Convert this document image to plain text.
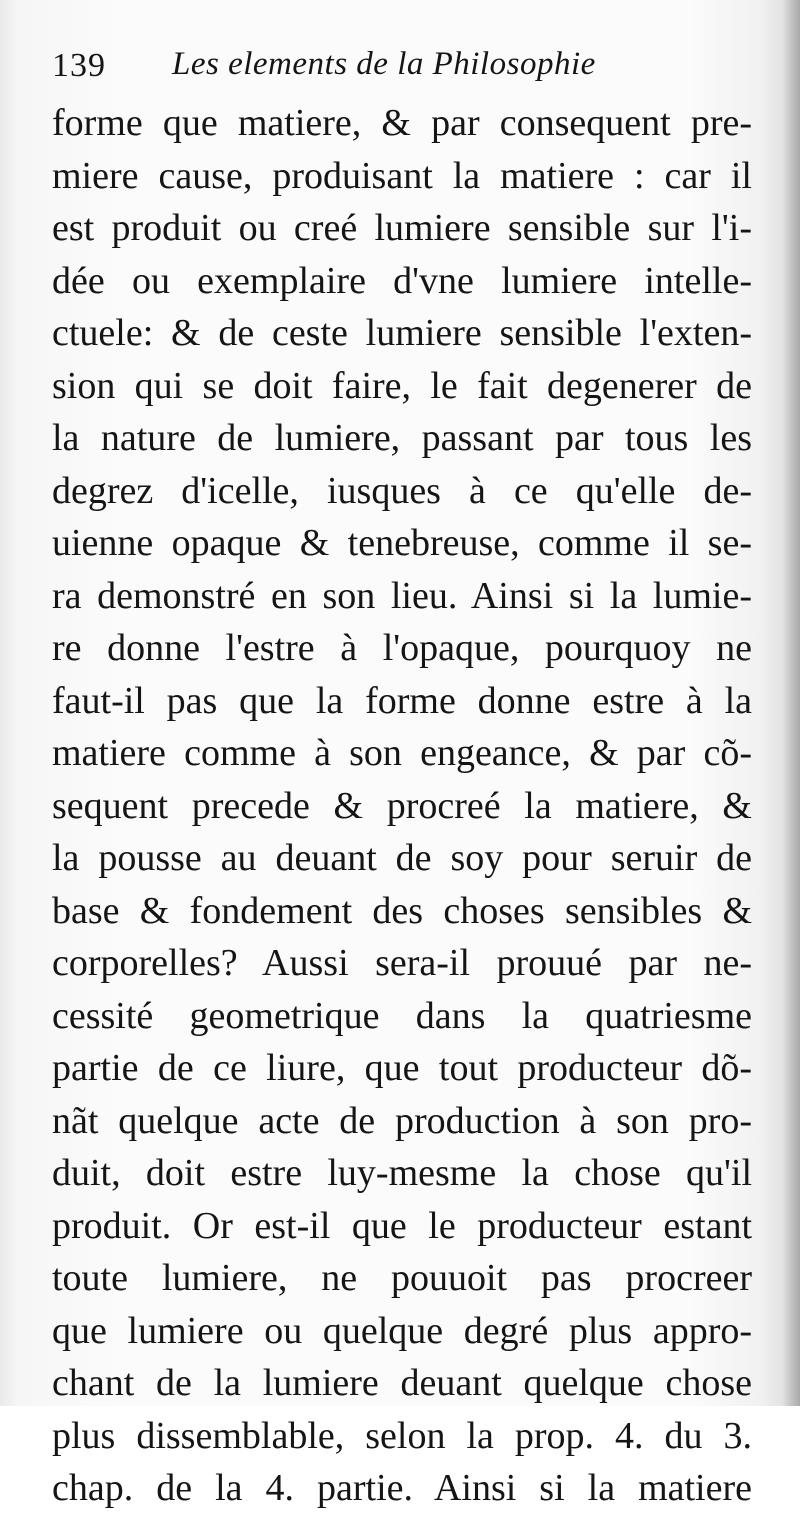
139 Les elements de la Philosophie
forme que matiere, & par consequent pre-
miere cause, produisant la matiere : car il
est produit ou creé lumiere sensible sur l'i-
dée ou exemplaire d'vne lumiere intelle-
ctuele: & de ceste lumiere sensible l'exten-
sion qui se doit faire, le fait degenerer de
la nature de lumiere, passant par tous les
degrez d'icelle, iusques à ce qu'elle de-
uienne opaque & tenebreuse, comme il se-
ra demonstré en son lieu. Ainsi si la lumie-
re donne l'estre à l'opaque, pourquoy ne
faut-il pas que la forme donne estre à la
matiere comme à son engeance, & par cõ-
sequent precede & procreé la matiere, &
la pousse au deuant de soy pour seruir de
base & fondement des choses sensibles &
corporelles? Aussi sera-il prouué par ne-
cessité geometrique dans la quatriesme
partie de ce liure, que tout producteur dõ-
nãt quelque acte de production à son pro-
duit, doit estre luy-mesme la chose qu'il
produit. Or est-il que le producteur estant
toute lumiere, ne pouuoit pas procreer
que lumiere ou quelque degré plus appro-
chant de la lumiere deuant quelque chose
plus dissemblable, selon la prop. 4. du 3.
chap. de la 4. partie. Ainsi si la matiere
